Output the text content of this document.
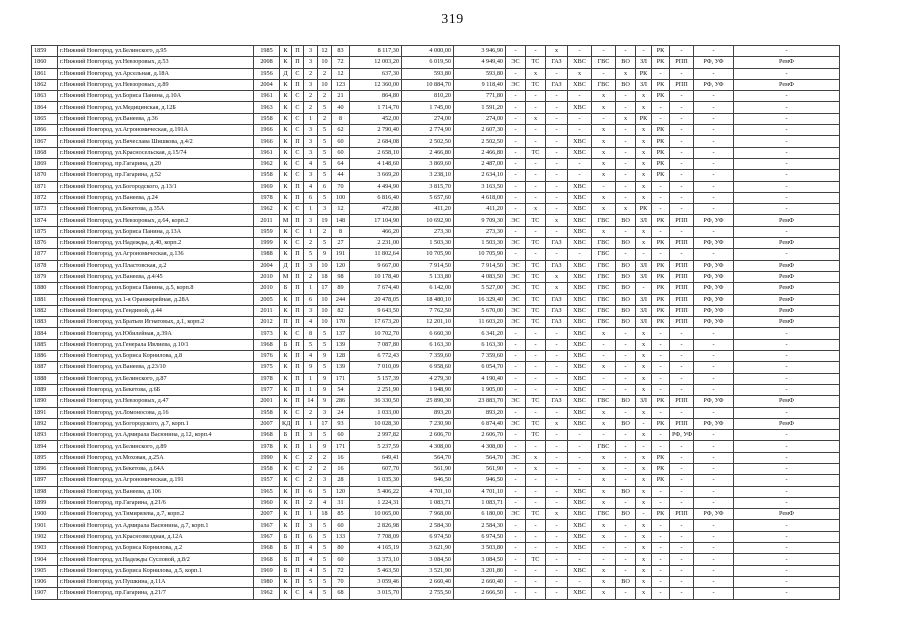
319
1859	г.Нижний Новгород, ул.Белинского, д.95	1985	К	П	3	12	83	8 117,30	4 000,00	3 946,90	-	-	х	-	-	-	-	РК	-	-	-
1860	г.Нижний Новгород, ул.Невзоровых, д.53	2008	К	П	3	10	72	12 003,20	6 019,50	4 949,40	ЭС	ТС	ГАЗ	ХВС	ГВС	ВО	ЗЛ	РК	РПП	РФ, УФ	РемФ
1861	г.Нижний Новгород, ул.Арсельная, д.18А	1956	Д	С	2	2	12	637,30	593,80	593,80	-	х	-	х	-	х	РК	-	-	-	-
1862	г.Нижний Новгород, ул.Невзоровых, д.89	2004	К	П	3	10	123	12 360,00	10 884,70	9 118,40	ЭС	ТС	ГАЗ	ХВС	ГВС	ВО	ЗЛ	РК	РПП	РФ, УФ	РемФ
1863	г.Нижний Новгород, ул.Бориса Панина, д.10А	1961	К	С	2	2	21	864,80	810,20	771,80	-	-	-	-	х	-	х	РК	-	-	-
1864	г.Нижний Новгород, ул.Медицинская, д.12Б	1963	К	С	2	5	40	1 714,70	1 745,00	1 591,20	-	-	-	ХВС	х	-	х	-	-	-	-
1865	г.Нижний Новгород, ул.Ванеева, д.36	1958	К	С	1	2	8	452,00	274,00	274,00	-	х	-	-	-	х	РК	-	-	-	-
1866	г.Нижний Новгород, ул.Агрономическая, д.191А	1966	К	С	3	5	62	2 790,40	2 774,90	2 607,30	-	-	-	-	х	-	х	РК	-	-	-
1867	г.Нижний Новгород, ул.Вячеслава Шишкова, д.4/2	1966	К	П	3	5	60	2 684,08	2 502,50	2 502,50	-	-	-	ХВС	х	-	х	РК	-	-	-
1868	г.Нижний Новгород, ул.Красносельская, д.15/74	1961	К	С	3	5	60	2 658,10	2 466,80	2 466,80	-	ТС	-	ХВС	х	-	х	РК	-	-	-
1869	г.Нижний Новгород, пр.Гагарина, д.20	1962	К	С	4	5	64	4 148,60	3 869,60	2 487,00	-	-	-	-	х	-	х	РК	-	-	-
1870	г.Нижний Новгород, пр.Гагарина, д.52	1958	К	С	3	5	44	3 669,20	3 238,10	2 634,10	-	-	-	-	х	-	х	РК	-	-	-
1871	г.Нижний Новгород, ул.Богородского, д.13/1	1969	К	П	4	6	70	4 494,90	3 815,70	3 163,50	-	-	-	ХВС	-	-	х	-	-	-	-
1872	г.Нижний Новгород, ул.Ванеева, д.24	1978	К	П	6	5	100	6 816,40	5 657,60	4 618,00	-	-	-	ХВС	х	-	х	-	-	-	-
1873	г.Нижний Новгород, ул.Бекетова, д.35А	1962	К	С	1	3	12	472,88	411,20	411,20	-	х	-	ХВС	х	х	РК	-	-	-	-
1874	г.Нижний Новгород, ул.Невзоровых, д.64, корп.2	2011	М	П	3	19	148	17 104,90	10 692,90	9 709,30	ЭС	ТС	х	ХВС	ГВС	ВО	ЗЛ	РК	РПП	РФ, УФ	РемФ
1875	г.Нижний Новгород, ул.Бориса Панина, д.13А	1959	К	С	1	2	8	466,20	273,30	273,30	-	-	-	ХВС	х	-	х	-	-	-	-
1876	г.Нижний Новгород, ул.Надежды, д.40, корп.2	1999	К	С	2	5	27	2 231,00	1 503,30	1 503,30	ЭС	ТС	ГАЗ	ХВС	ГВС	ВО	х	РК	РПП	РФ, УФ	РемФ
1877	г.Нижний Новгород, ул.Агрономическая, д.136	1988	К	П	5	9	191	11 802,64	10 705,90	10 705,90	-	-	-	-	ГВС	-	-	-	-	-	-
1878	г.Нижний Новгород, ул.Пластовская, д.2	2004	Д	П	3	10	120	9 667,00	7 914,50	7 914,50	ЭС	ТС	ГАЗ	ХВС	ГВС	ВО	ЗЛ	РК	РПП	РФ, УФ	РемФ
1879	г.Нижний Новгород, ул.Ванеева, д.4/45	2010	М	П	2	18	98	10 178,40	5 133,80	4 083,50	ЭС	ТС	х	ХВС	ГВС	ВО	ЗЛ	РК	РПП	РФ, УФ	РемФ
1880	г.Нижний Новгород, ул.Бориса Панина, д.5, корп.8	2010	Б	П	1	17	89	7 674,40	6 142,00	5 527,00	ЭС	ТС	х	ХВС	ГВС	ВО	-	РК	РПП	РФ, УФ	РемФ
1881	г.Нижний Новгород, ул.1-я Оранжерейная, д.28А	2005	К	П	6	10	244	20 478,05	18 480,10	16 329,40	ЭС	ТС	ГАЗ	ХВС	ГВС	ВО	ЗЛ	РК	РПП	РФ, УФ	РемФ
1882	г.Нижний Новгород, ул.Гендиной, д.44	2011	К	П	3	10	82	9 643,50	7 762,50	5 670,00	ЭС	ТС	ГАЗ	ХВС	ГВС	ВО	ЗЛ	РК	РПП	РФ, УФ	РемФ
1883	г.Нижний Новгород, ул.Братьев Игнатовых, д.1, корп.2	2012	П	П	4	10	170	17 673,20	12 201,10	11 603,20	ЭС	ТС	ГАЗ	ХВС	ГВС	ВО	ЗЛ	РК	РПП	РФ, УФ	РемФ
1884	г.Нижний Новгород, ул.Юбилейная, д.39А	1973	К	С	8	5	137	10 702,70	6 660,30	6 341,20	-	-	-	ХВС	х	-	х	-	-	-	-
1885	г.Нижний Новгород, ул.Генерала Ивлиева, д.10/1	1968	Б	П	5	5	139	7 087,80	6 163,30	6 163,30	-	-	-	ХВС	-	-	х	-	-	-	-
1886	г.Нижний Новгород, ул.Бориса Корнилова, д.8	1976	К	П	4	9	128	6 772,43	7 359,60	7 359,60	-	-	-	ХВС	-	-	х	-	-	-	-
1887	г.Нижний Новгород, ул.Ванеева, д.23/10	1975	К	П	9	5	139	7 010,09	6 958,60	6 054,70	-	-	-	ХВС	х	-	х	-	-	-	-
1888	г.Нижний Новгород, ул.Белинского, д.87	1978	К	П	1	9	171	5 157,39	4 279,30	4 190,40	-	-	-	ХВС	-	-	х	-	-	-	-
1889	г.Нижний Новгород, ул.Бекетова, д.6Б	1977	К	П	1	9	54	2 251,90	1 948,90	1 905,00	-	-	-	ХВС	-	-	х	-	-	-	-
1890	г.Нижний Новгород, ул.Невзоровых, д.47	2001	К	П	14	9	286	36 330,50	25 890,30	23 883,70	ЭС	ТС	ГАЗ	ХВС	ГВС	ВО	ЗЛ	РК	РПП	РФ, УФ	РемФ
1891	г.Нижний Новгород, ул.Ломоносова, д.16	1958	К	С	2	3	24	1 033,00	893,20	893,20	-	-	-	ХВС	х	-	х	-	-	-	-
1892	г.Нижний Новгород, ул.Богородского, д.7, корп.1	2007	КД	П	1	17	93	10 028,30	7 230,90	6 874,40	ЭС	ТС	х	ХВС	х	ВО	-	РК	РПП	РФ, УФ	РемФ
1893	г.Нижний Новгород, ул.Адмирала Васюнина, д.12, корп.4	1968	Б	П	3	5	60	2 997,82	2 606,70	2 606,70	-	ТС	-	-	-	-	х	-	РФ, УФ	-	-
1894	г.Нижний Новгород, ул.Белинского, д.89	1978	К	П	1	9	171	5 237,59	4 308,00	4 308,00	-	-	-	-	ГВС	-	-	-	-	-	-
1895	г.Нижний Новгород, ул.Моховая, д.25А	1990	К	С	2	2	16	649,41	564,70	564,70	ЭС	х	-	-	х	-	х	РК	-	-	-
1896	г.Нижний Новгород, ул.Бекетова, д.64А	1958	К	С	2	2	16	607,70	561,90	561,90	-	х	-	-	х	-	х	РК	-	-	-
1897	г.Нижний Новгород, ул.Агрономическая, д.191	1957	К	С	2	3	28	1 035,30	946,50	946,50	-	-	-	-	х	-	х	РК	-	-	-
1898	г.Нижний Новгород, ул.Ванеева, д.106	1965	К	П	6	5	120	5 406,22	4 701,10	4 701,10	-	-	-	ХВС	х	ВО	х	-	-	-	-
1899	г.Нижний Новгород, пр.Гагарина, д.21/6	1960	К	П	2	4	31	1 224,31	1 083,71	1 083,71	-	-	-	ХВС	х	-	х	-	-	-	-
1900	г.Нижний Новгород, ул.Тимирязева, д.7, корп.2	2007	К	П	1	18	85	10 065,00	7 968,00	6 180,00	ЭС	ТС	х	ХВС	ГВС	ВО	-	РК	РПП	РФ, УФ	РемФ
1901	г.Нижний Новгород, ул.Адмирала Васюнина, д.7, корп.1	1967	К	П	3	5	60	2 826,98	2 584,30	2 584,30	-	-	-	ХВС	х	-	х	-	-	-	-
1902	г.Нижний Новгород, ул.Краснозвездная, д.12А	1967	Б	П	6	5	133	7 708,09	6 974,50	6 974,50	-	-	-	ХВС	х	-	х	-	-	-	-
1903	г.Нижний Новгород, ул.Бориса Корнилова, д.2	1968	Б	П	4	5	80	4 165,19	3 621,90	3 503,80	-	-	-	ХВС	-	-	х	-	-	-	-
1904	г.Нижний Новгород, ул.Надежды Сусловой, д.8/2	1968	Б	П	4	5	60	3 373,10	3 084,50	3 084,50	-	ТС	-	-	-	-	х	-	-	-	-
1905	г.Нижний Новгород, ул.Бориса Корнилова, д.5, корп.1	1969	Б	П	4	5	72	5 463,50	3 521,90	3 201,80	-	-	-	ХВС	х	-	х	-	-	-	-
1906	г.Нижний Новгород, ул.Пушкина, д.11А	1980	К	П	5	5	70	3 059,46	2 660,40	2 660,40	-	-	-	-	х	ВО	х	-	-	-	-
1907	г.Нижний Новгород, пр.Гагарина, д.21/7	1962	К	С	4	5	68	3 015,70	2 755,50	2 666,50	-	-	-	ХВС	х	-	х	-	-	-	-
